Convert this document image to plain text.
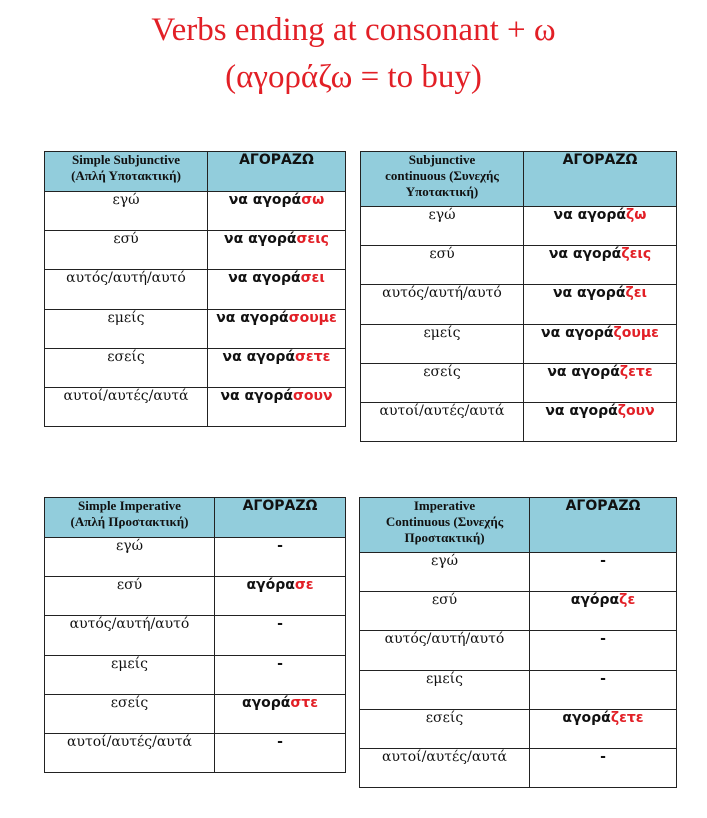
Verbs ending at consonant + ω
(αγοράζω = to buy)
Simple Subjunctive
(Απλή Υποτακτική)	ΑΓΟΡΑΖΩ
εγώ	να αγοράσω
εσύ	να αγοράσεις
αυτός/αυτή/αυτό	να αγοράσει
εμείς	να αγοράσουμε
εσείς	να αγοράσετε
αυτοί/αυτές/αυτά	να αγοράσουν
Subjunctive
continuous (Συνεχής
Υποτακτική)	ΑΓΟΡΑΖΩ
εγώ	να αγοράζω
εσύ	να αγοράζεις
αυτός/αυτή/αυτό	να αγοράζει
εμείς	να αγοράζουμε
εσείς	να αγοράζετε
αυτοί/αυτές/αυτά	να αγοράζουν
Simple Imperative
(Απλή Προστακτική)	ΑΓΟΡΑΖΩ
εγώ	-
εσύ	αγόρασε
αυτός/αυτή/αυτό	-
εμείς	-
εσείς	αγοράστε
αυτοί/αυτές/αυτά	-
Imperative
Continuous (Συνεχής
Προστακτική)	ΑΓΟΡΑΖΩ
εγώ	-
εσύ	αγόραζε
αυτός/αυτή/αυτό	-
εμείς	-
εσείς	αγοράζετε
αυτοί/αυτές/αυτά	-
